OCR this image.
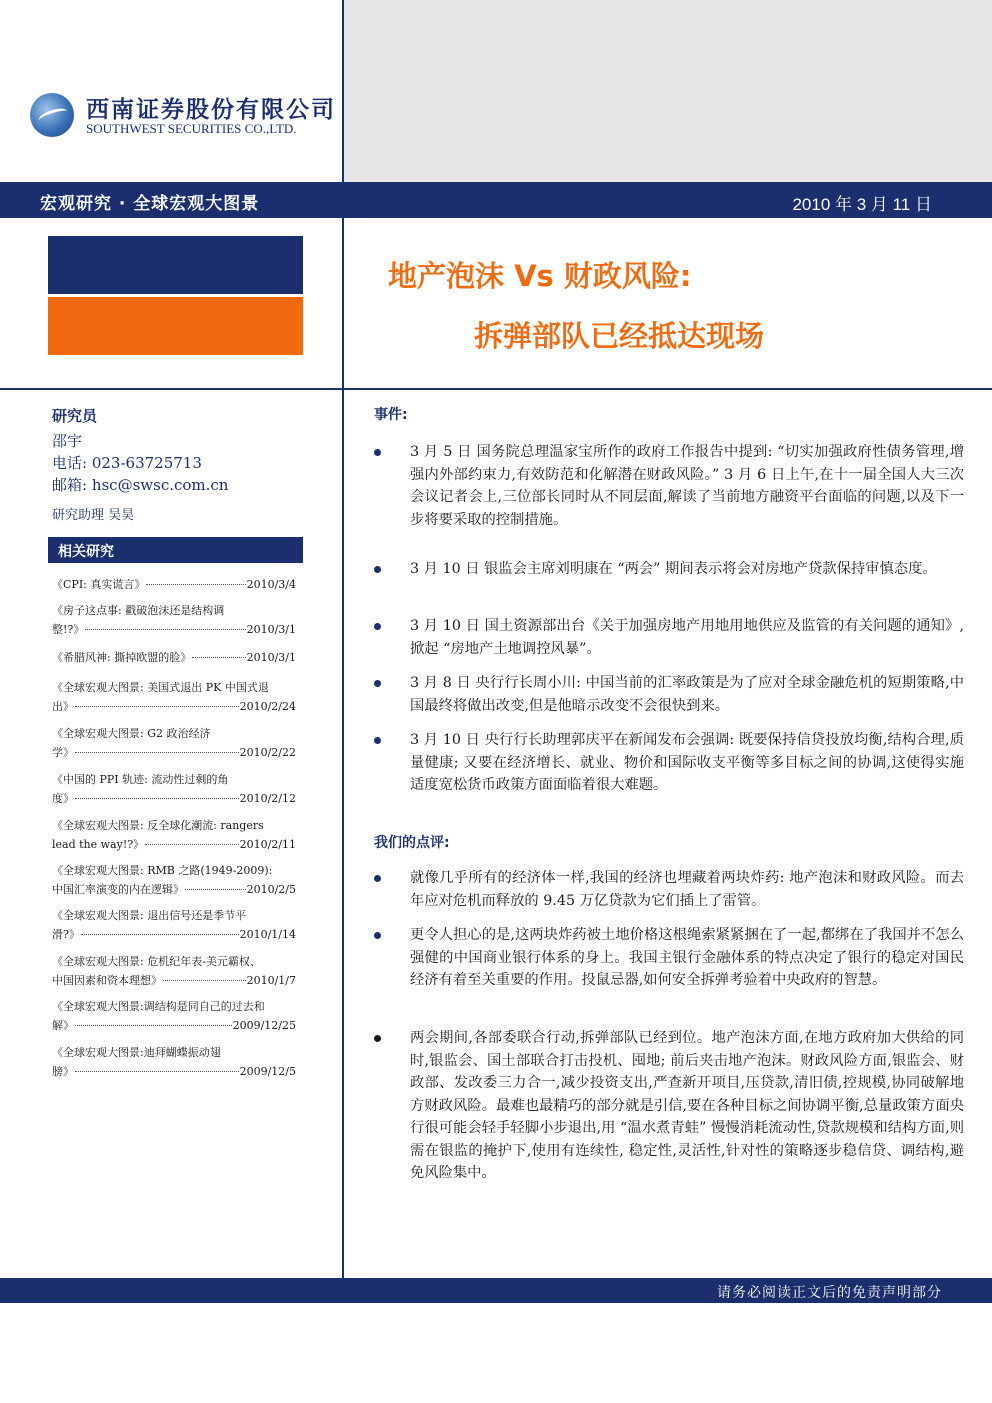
西南证券股份有限公司
SOUTHWEST SECURITIES CO.,LTD.
宏观研究 · 全球宏观大图景	2010 年 3 月 11 日
地产泡沫 Vs 财政风险:
拆弹部队已经抵达现场
研究员
邵宇
电话: 023-63725713
邮箱: hsc@swsc.com.cn
研究助理 吴昊
相关研究
《CPI: 真实谎言》	2010/3/4
《房子这点事: 戳破泡沫还是结构调
整!?》	2010/3/1
《希腊风神: 撕掉欧盟的脸》	2010/3/1
《全球宏观大图景: 美国式退出 PK 中国式退
出》	2010/2/24
《全球宏观大图景: G2 政治经济
学》	2010/2/22
《中国的 PPI 轨迹: 流动性过剩的角
度》	2010/2/12
《全球宏观大图景: 反全球化潮流: rangers
lead the way!?》	2010/2/11
《全球宏观大图景: RMB 之路(1949-2009):
中国汇率演变的内在逻辑》	2010/2/5
《全球宏观大图景: 退出信号还是季节平
滑?》	2010/1/14
《全球宏观大图景: 危机纪年表-美元霸权、
中国因素和资本理想》	2010/1/7
《全球宏观大图景:调结构是同自己的过去和
解》	2009/12/25
《全球宏观大图景:迪拜蝴蝶振动翅
膀》	2009/12/5
事件:
3 月 5 日 国务院总理温家宝所作的政府工作报告中提到: “切实加强政府性债务管理,增强内外部约束力,有效防范和化解潜在财政风险。” 3 月 6 日上午,在十一届全国人大三次会议记者会上,三位部长同时从不同层面,解读了当前地方融资平台面临的问题,以及下一步将要采取的控制措施。
3 月 10 日 银监会主席刘明康在 “两会” 期间表示将会对房地产贷款保持审慎态度。
3 月 10 日 国土资源部出台《关于加强房地产用地用地供应及监管的有关问题的通知》,掀起 “房地产土地调控风暴”。
3 月 8 日 央行行长周小川: 中国当前的汇率政策是为了应对全球金融危机的短期策略,中国最终将做出改变,但是他暗示改变不会很快到来。
3 月 10 日 央行行长助理郭庆平在新闻发布会强调: 既要保持信贷投放均衡,结构合理,质量健康; 又要在经济增长、就业、物价和国际收支平衡等多目标之间的协调,这使得实施适度宽松货币政策方面面临着很大难题。
我们的点评:
就像几乎所有的经济体一样,我国的经济也埋藏着两块炸药: 地产泡沫和财政风险。而去年应对危机而释放的 9.45 万亿贷款为它们插上了雷管。
更令人担心的是,这两块炸药被土地价格这根绳索紧紧捆在了一起,都绑在了我国并不怎么强健的中国商业银行体系的身上。我国主银行金融体系的特点决定了银行的稳定对国民经济有着至关重要的作用。投鼠忌器,如何安全拆弹考验着中央政府的智慧。
两会期间,各部委联合行动,拆弹部队已经到位。地产泡沫方面,在地方政府加大供给的同时,银监会、国土部联合打击投机、囤地; 前后夹击地产泡沫。财政风险方面,银监会、财政部、发改委三力合一,减少投资支出,严查新开项目,压贷款,清旧债,控规模,协同破解地方财政风险。最难也最精巧的部分就是引信,要在各种目标之间协调平衡,总量政策方面央行很可能会轻手轻脚小步退出,用 “温水煮青蛙” 慢慢消耗流动性,贷款规模和结构方面,则需在银监的掩护下,使用有连续性, 稳定性,灵活性,针对性的策略逐步稳信贷、调结构,避免风险集中。
请务必阅读正文后的免责声明部分
